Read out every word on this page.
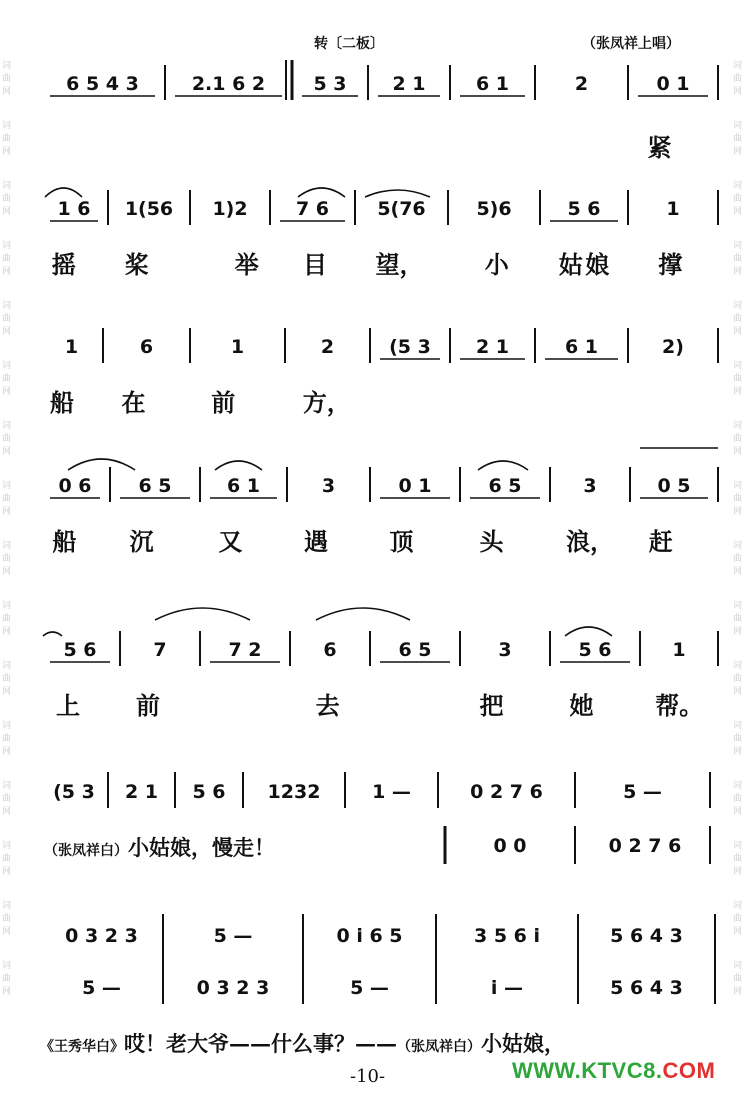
词
曲
网
词
曲
网
词
曲
网
词
曲
网
词
曲
网
词
曲
网
词
曲
网
词
曲
网
词
曲
网
词
曲
网
词
曲
网
词
曲
网
词
曲
网
词
曲
网
词
曲
网
词
曲
网
词
曲
网
词
曲
网
词
曲
网
词
曲
网
词
曲
网
词
曲
网
词
曲
网
词
曲
网
词
曲
网
词
曲
网
词
曲
网
词
曲
网
词
曲
网
词
曲
网
词
曲
网
词
曲
网
转〔二板〕	（张凤祥上唱）
6 5 4 3	2.1 6 2	5 3 2 1	6 1	2	0 1
1 6 1(56 1)2	7 6	5(76	5)6	5 6	1
1	6	1	2	(5 3 2 1	6 1	2)
0 6 6 5	6 1	3	0 1	6 5	3	0 5
5 6	7	7 2	6	6 5	3	5 6	1
(5 3 2 1 5 6 1232	1 —	0 2 7 6	5 —
0 0	0 2 7 6
0 3 2 3	5 —	0 i 6 5	3 5 6 i	5 6 4 3
5 —	0 3 2 3	5 —	i —	5 6 4 3
紧
摇 桨	举 目 望，	小 姑 娘 撑
船 在	前	方，
船 沉	又	遇	顶	头	浪， 赶
上 前	去	把	她	帮。
（张凤祥白）小姑娘，慢走！
《王秀华白》哎！老大爷——什么事？——（张凤祥白）小姑娘，
-10-	WWW.KTVC8.COM
